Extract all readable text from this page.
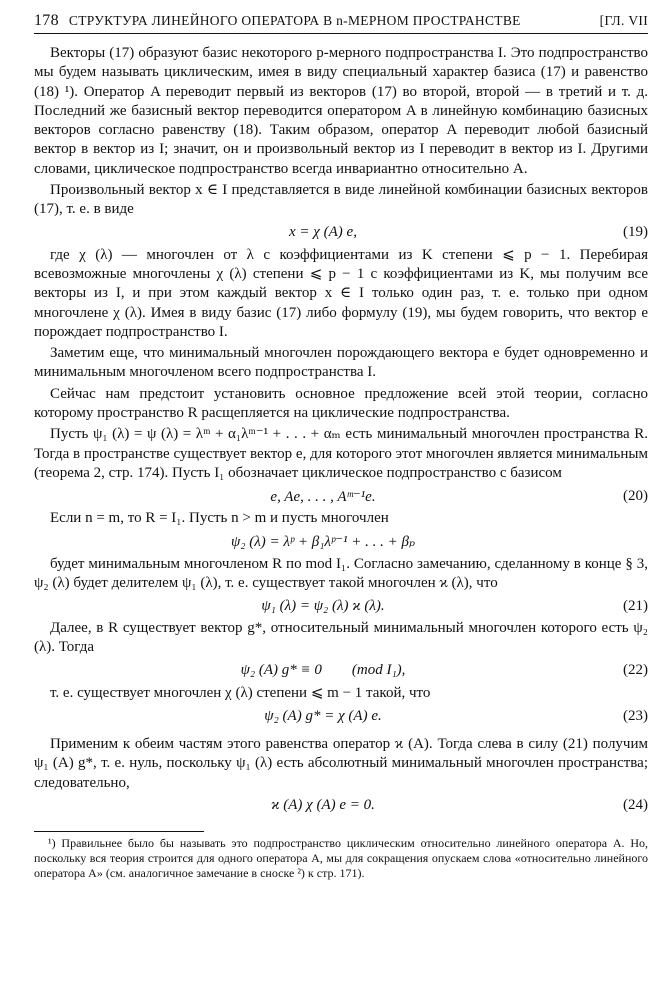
178 СТРУКТУРА ЛИНЕЙНОГО ОПЕРАТОРА В n-МЕРНОМ ПРОСТРАНСТВЕ	[ГЛ. VII

Векторы (17) образуют базис некоторого p-мерного подпространства I. Это подпространство мы будем называть циклическим, имея в виду специальный характер базиса (17) и равенство (18) ¹). Оператор A переводит первый из векторов (17) во второй, второй — в третий и т. д. Последний же базисный вектор переводится оператором A в линейную комбинацию базисных векторов согласно равенству (18). Таким образом, оператор A переводит любой базисный вектор в вектор из I; значит, он и произвольный вектор из I переводит в вектор из I. Другими словами, циклическое подпространство всегда инвариантно относительно A.

Произвольный вектор x ∈ I представляется в виде линейной комбинации базисных векторов (17), т. е. в виде

x = χ (A) e,	(19)

где χ (λ) — многочлен от λ с коэффициентами из K степени ⩽ p − 1. Перебирая всевозможные многочлены χ (λ) степени ⩽ p − 1 с коэффициентами из K, мы получим все векторы из I, и при этом каждый вектор x ∈ I только один раз, т. е. только при одном многочлене χ (λ). Имея в виду базис (17) либо формулу (19), мы будем говорить, что вектор e порождает подпространство I.

Заметим еще, что минимальный многочлен порождающего вектора e будет одновременно и минимальным многочленом всего подпространства I.

Сейчас нам предстоит установить основное предложение всей этой теории, согласно которому пространство R расщепляется на циклические подпространства.

Пусть ψ₁ (λ) = ψ (λ) = λᵐ + α₁λᵐ⁻¹ + . . . + αₘ есть минимальный многочлен пространства R. Тогда в пространстве существует вектор e, для которого этот многочлен является минимальным (теорема 2, стр. 174). Пусть I₁ обозначает циклическое подпространство с базисом

e, Ae, . . . , Aᵐ⁻¹e.	(20)

Если n = m, то R = I₁. Пусть n > m и пусть многочлен

ψ₂ (λ) = λᵖ + β₁λᵖ⁻¹ + . . . + βₚ

будет минимальным многочленом R по mod I₁. Согласно замечанию, сделанному в конце § 3, ψ₂ (λ) будет делителем ψ₁ (λ), т. е. существует такой многочлен ϰ (λ), что

ψ₁ (λ) = ψ₂ (λ) ϰ (λ).	(21)

Далее, в R существует вектор g*, относительный минимальный многочлен которого есть ψ₂ (λ). Тогда

ψ₂ (A) g* ≡ 0        (mod I₁),	(22)

т. е. существует многочлен χ (λ) степени ⩽ m − 1 такой, что

ψ₂ (A) g* = χ (A) e.	(23)

Применим к обеим частям этого равенства оператор ϰ (A). Тогда слева в силу (21) получим ψ₁ (A) g*, т. е. нуль, поскольку ψ₁ (λ) есть абсолютный минимальный многочлен пространства; следовательно,

ϰ (A) χ (A) e = 0.	(24)

¹) Правильнее было бы называть это подпространство циклическим относительно линейного оператора A. Но, поскольку вся теория строится для одного оператора A, мы для сокращения опускаем слова «относительно линейного оператора A» (см. аналогичное замечание в сноске ²) к стр. 171).
